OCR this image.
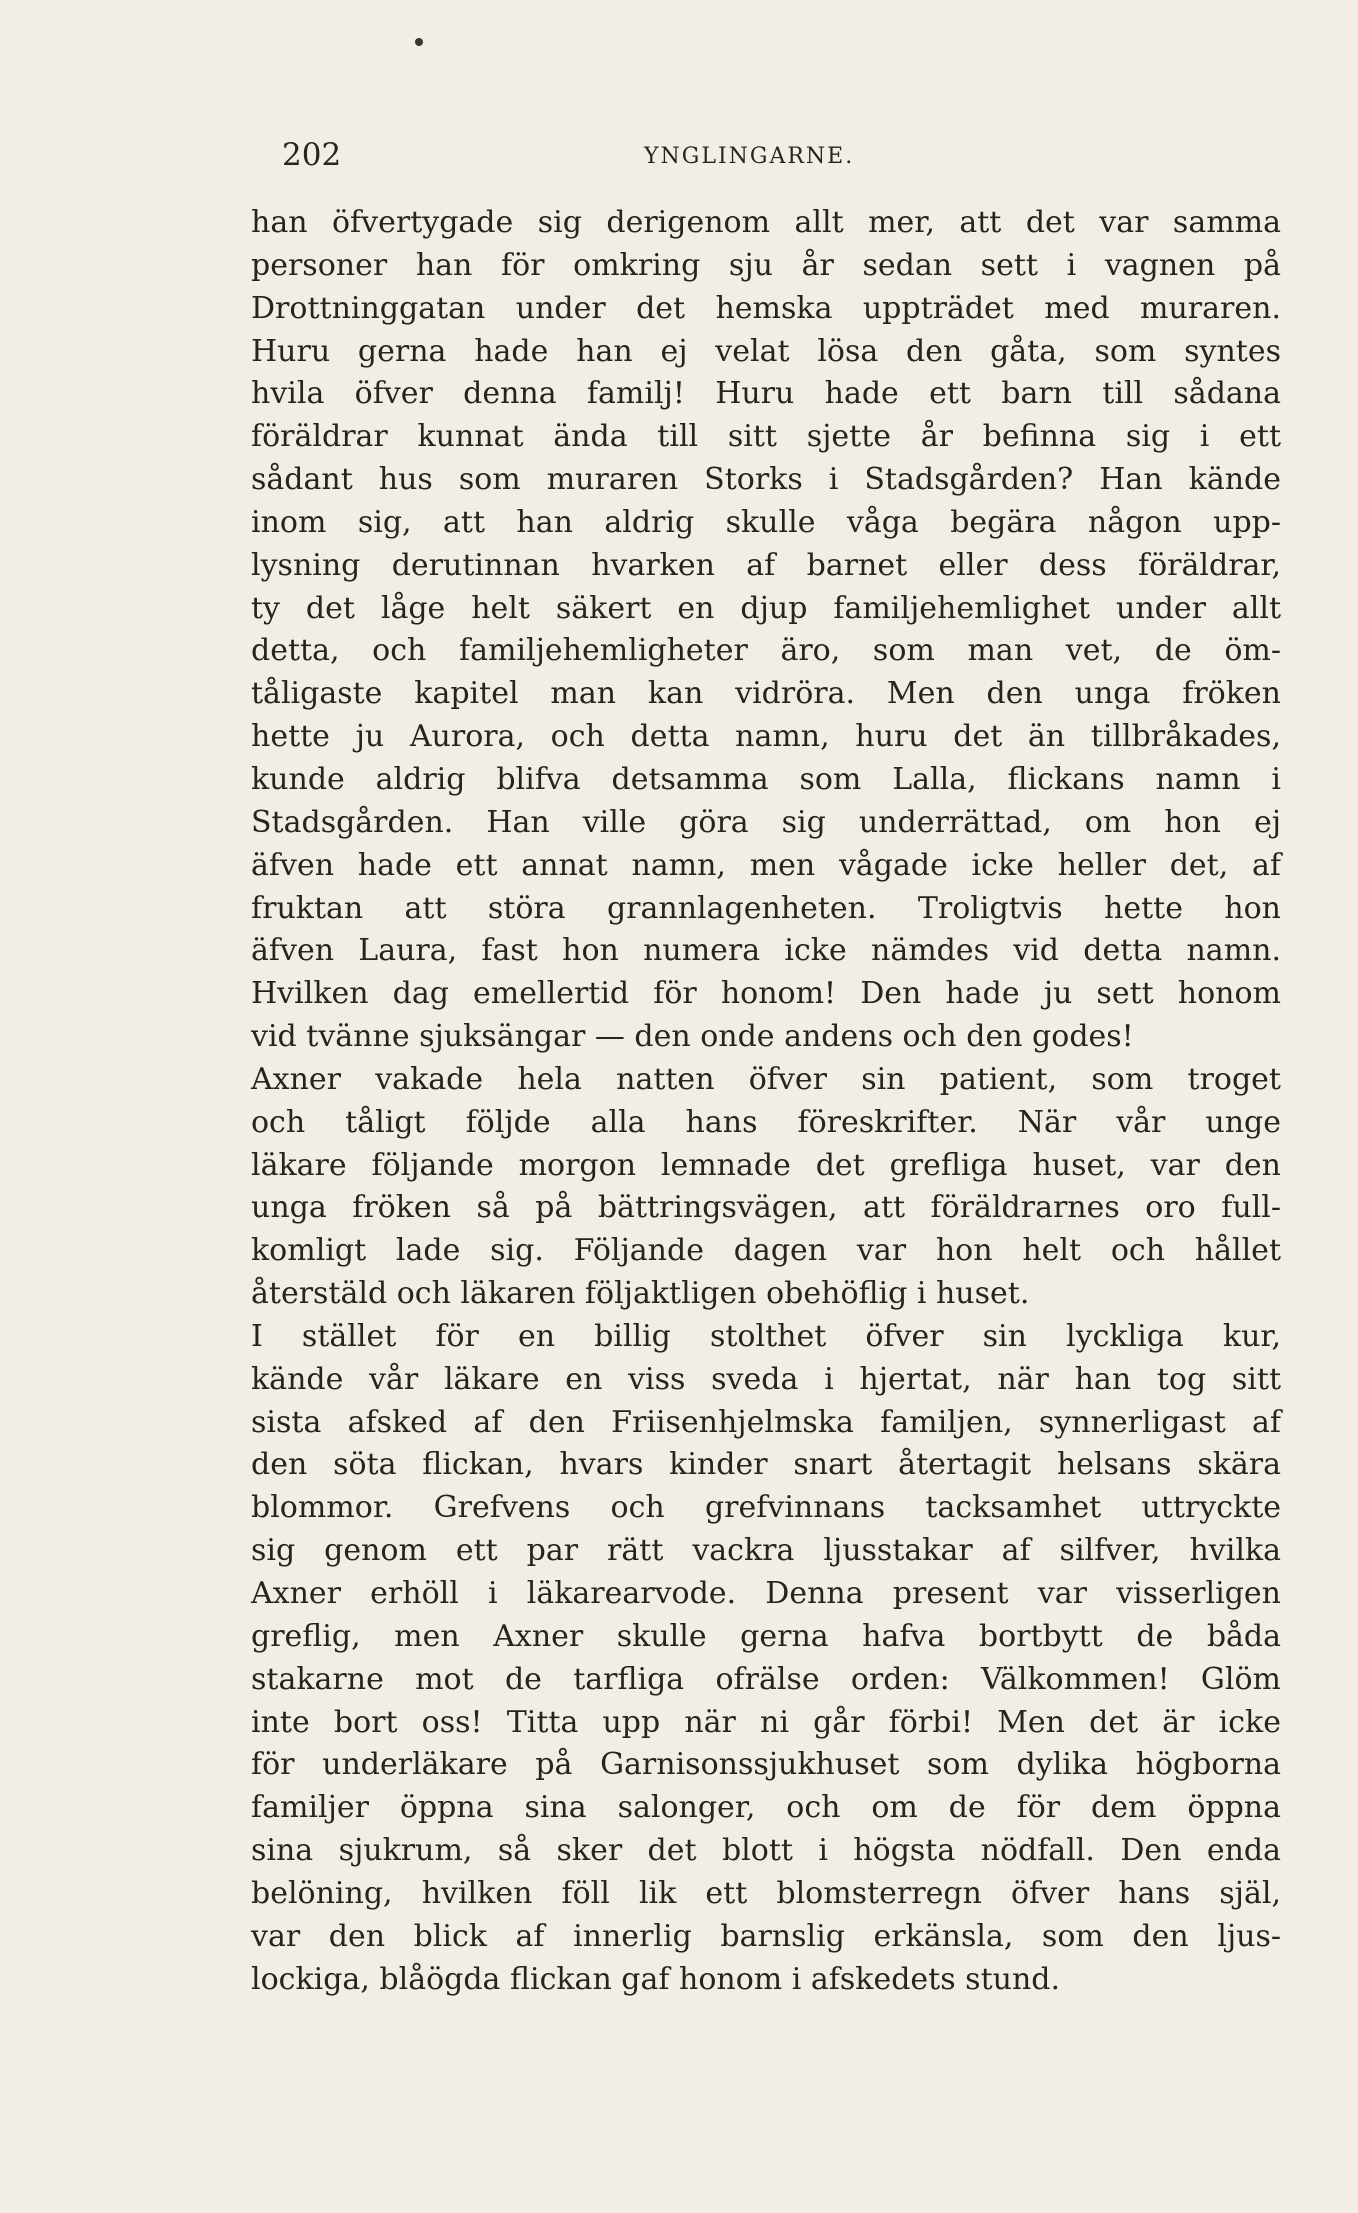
202	YNGLINGARNE.
han öfvertygade sig derigenom allt mer, att det var samma
personer han för omkring sju år sedan sett i vagnen på
Drottninggatan under det hemska uppträdet med muraren.
Huru gerna hade han ej velat lösa den gåta, som syntes
hvila öfver denna familj! Huru hade ett barn till sådana
föräldrar kunnat ända till sitt sjette år befinna sig i ett
sådant hus som muraren Storks i Stadsgården? Han kände
inom sig, att han aldrig skulle våga begära någon upp-
lysning derutinnan hvarken af barnet eller dess föräldrar,
ty det låge helt säkert en djup familjehemlighet under allt
detta, och familjehemligheter äro, som man vet, de öm-
tåligaste kapitel man kan vidröra. Men den unga fröken
hette ju Aurora, och detta namn, huru det än tillbråkades,
kunde aldrig blifva detsamma som Lalla, flickans namn i
Stadsgården. Han ville göra sig underrättad, om hon ej
äfven hade ett annat namn, men vågade icke heller det, af
fruktan att störa grannlagenheten. Troligtvis hette hon
äfven Laura, fast hon numera icke nämdes vid detta namn.
Hvilken dag emellertid för honom! Den hade ju sett honom
vid tvänne sjuksängar — den onde andens och den godes!
Axner vakade hela natten öfver sin patient, som troget
och tåligt följde alla hans föreskrifter. När vår unge
läkare följande morgon lemnade det grefliga huset, var den
unga fröken så på bättringsvägen, att föräldrarnes oro full-
komligt lade sig. Följande dagen var hon helt och hållet
återstäld och läkaren följaktligen obehöflig i huset.
I stället för en billig stolthet öfver sin lyckliga kur,
kände vår läkare en viss sveda i hjertat, när han tog sitt
sista afsked af den Friisenhjelmska familjen, synnerligast af
den söta flickan, hvars kinder snart återtagit helsans skära
blommor. Grefvens och grefvinnans tacksamhet uttryckte
sig genom ett par rätt vackra ljusstakar af silfver, hvilka
Axner erhöll i läkarearvode. Denna present var visserligen
greflig, men Axner skulle gerna hafva bortbytt de båda
stakarne mot de tarfliga ofrälse orden: Välkommen! Glöm
inte bort oss! Titta upp när ni går förbi! Men det är icke
för underläkare på Garnisonssjukhuset som dylika högborna
familjer öppna sina salonger, och om de för dem öppna
sina sjukrum, så sker det blott i högsta nödfall. Den enda
belöning, hvilken föll lik ett blomsterregn öfver hans själ,
var den blick af innerlig barnslig erkänsla, som den ljus-
lockiga, blåögda flickan gaf honom i afskedets stund.
